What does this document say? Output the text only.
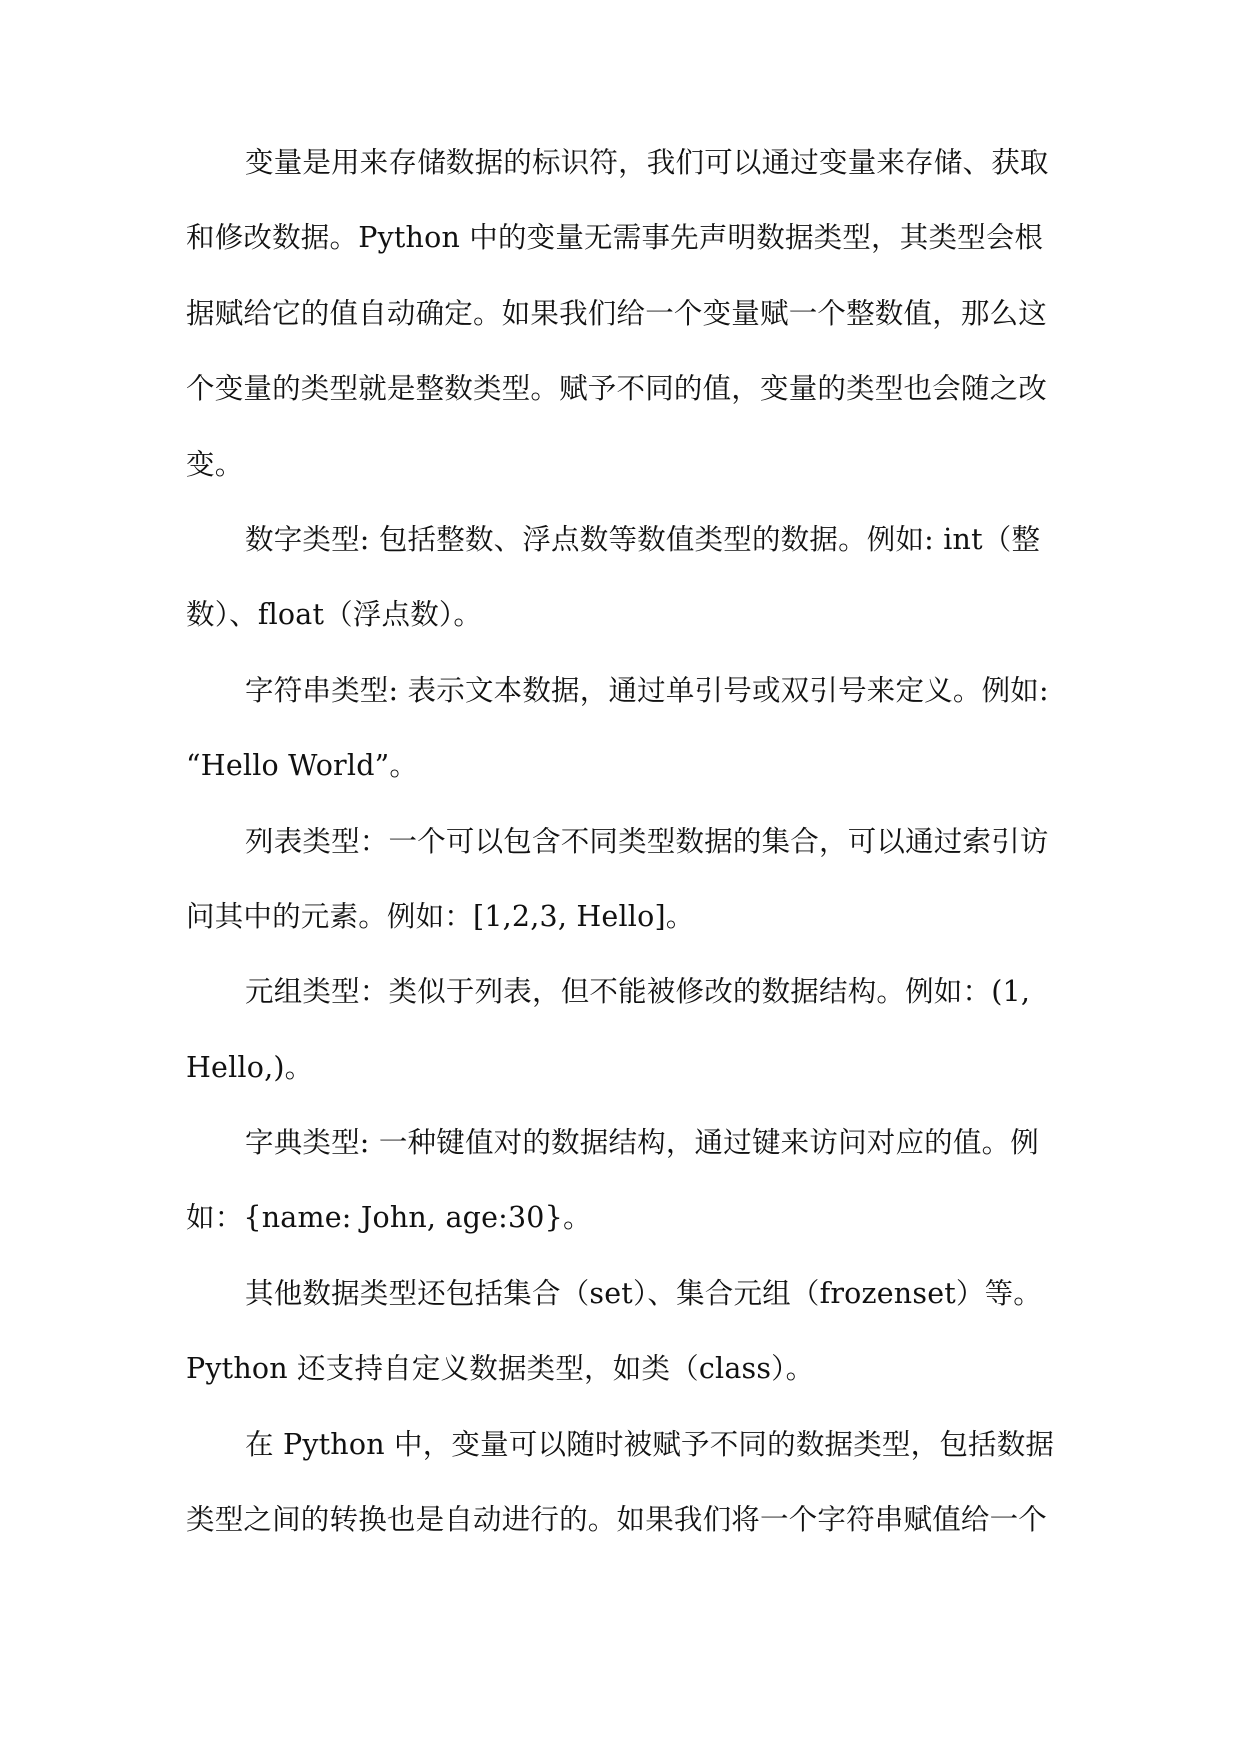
变量是用来存储数据的标识符，我们可以通过变量来存储、获取
和修改数据。Python 中的变量无需事先声明数据类型，其类型会根
据赋给它的值自动确定。如果我们给一个变量赋一个整数值，那么这
个变量的类型就是整数类型。赋予不同的值，变量的类型也会随之改
变。
数字类型: 包括整数、浮点数等数值类型的数据。例如: int（整
数）、float（浮点数）。
字符串类型: 表示文本数据，通过单引号或双引号来定义。例如:
“Hello World”。
列表类型：一个可以包含不同类型数据的集合，可以通过索引访
问其中的元素。例如：[1,2,3, Hello]。
元组类型：类似于列表，但不能被修改的数据结构。例如：(1,
Hello,)。
字典类型: 一种键值对的数据结构，通过键来访问对应的值。例
如：{name: John, age:30}。
其他数据类型还包括集合（set）、集合元组（frozenset）等。
Python 还支持自定义数据类型，如类（class）。
在 Python 中，变量可以随时被赋予不同的数据类型，包括数据
类型之间的转换也是自动进行的。如果我们将一个字符串赋值给一个
